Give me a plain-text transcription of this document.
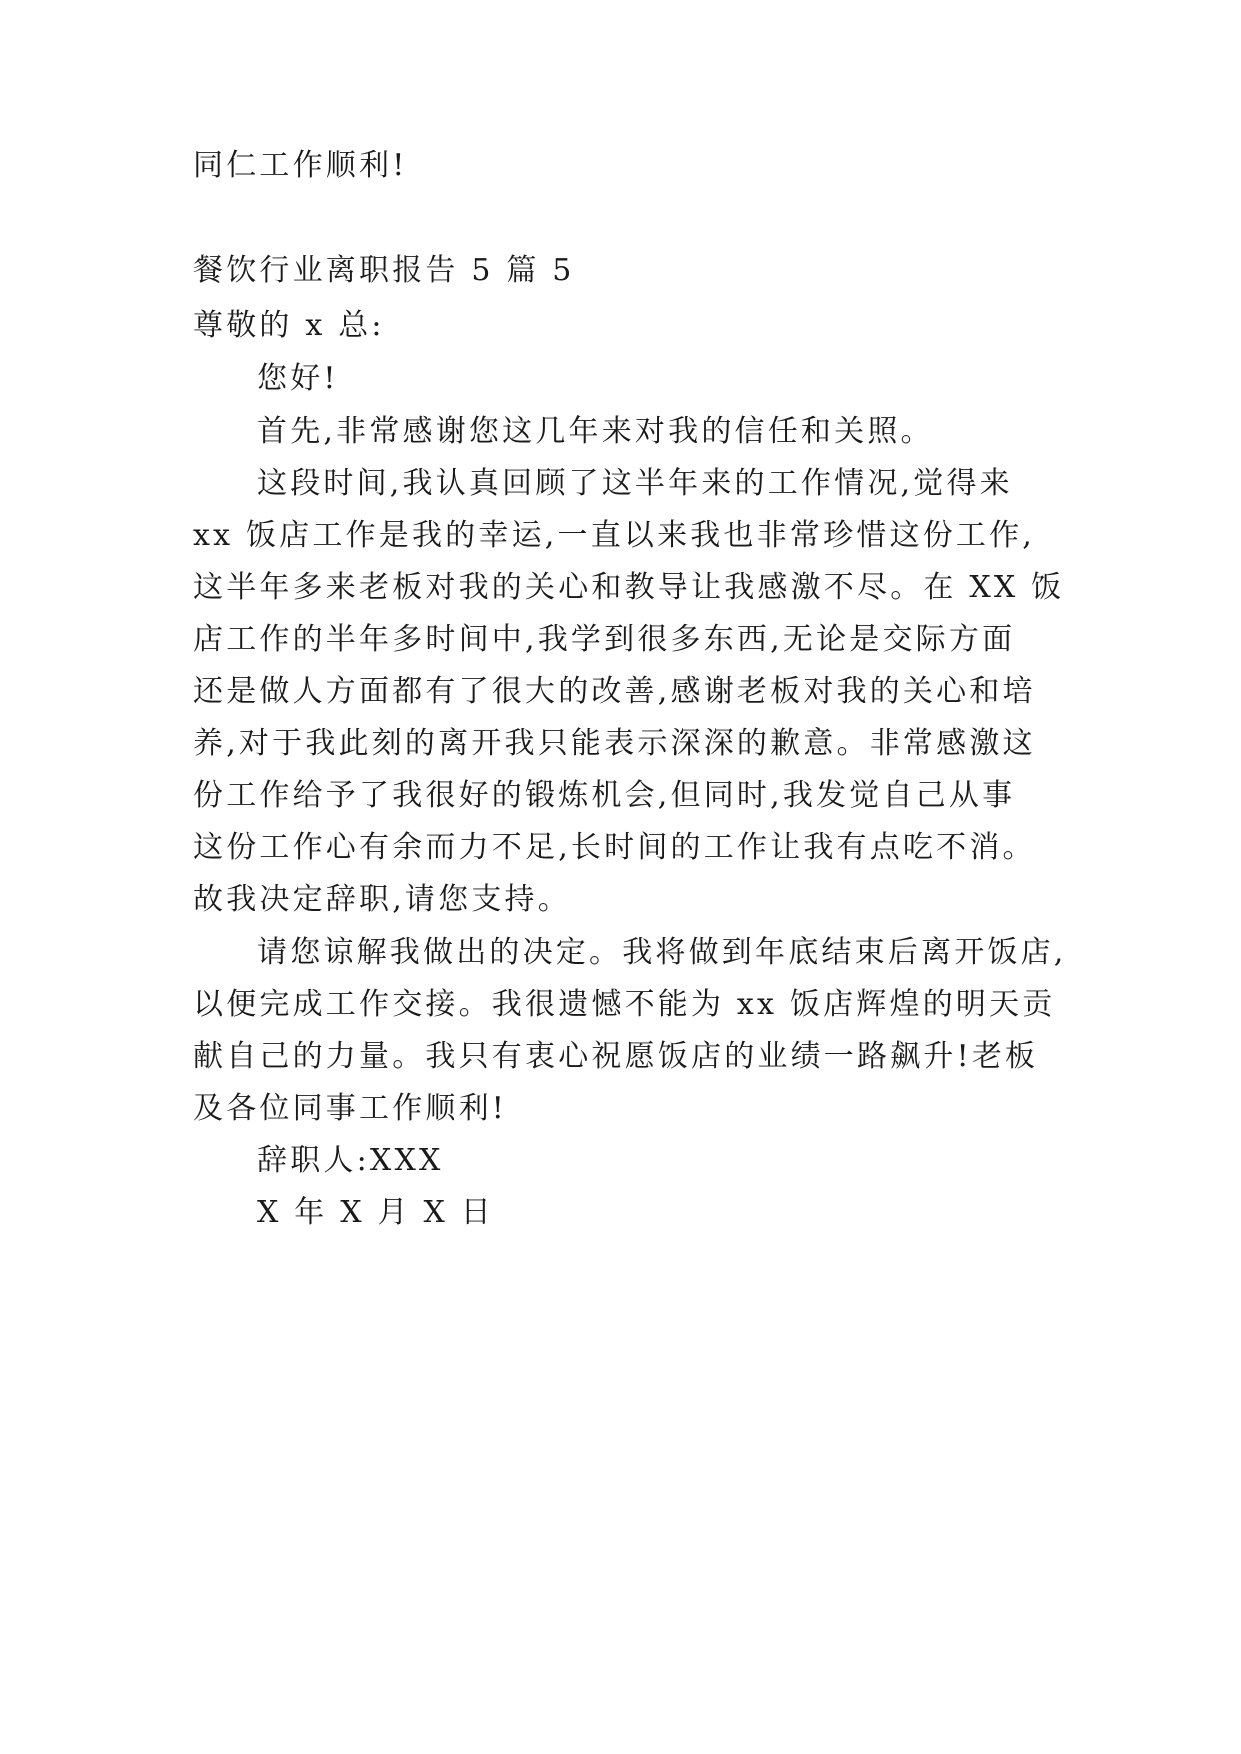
同仁工作顺利!
餐饮行业离职报告 5 篇 5
尊敬的 x 总:
您好!
首先,非常感谢您这几年来对我的信任和关照。
这段时间,我认真回顾了这半年来的工作情况,觉得来
xx 饭店工作是我的幸运,一直以来我也非常珍惜这份工作,
这半年多来老板对我的关心和教导让我感激不尽。在 XX 饭
店工作的半年多时间中,我学到很多东西,无论是交际方面
还是做人方面都有了很大的改善,感谢老板对我的关心和培
养,对于我此刻的离开我只能表示深深的歉意。非常感激这
份工作给予了我很好的锻炼机会,但同时,我发觉自己从事
这份工作心有余而力不足,长时间的工作让我有点吃不消。
故我决定辞职,请您支持。
请您谅解我做出的决定。我将做到年底结束后离开饭店,
以便完成工作交接。我很遗憾不能为 xx 饭店辉煌的明天贡
献自己的力量。我只有衷心祝愿饭店的业绩一路飙升!老板
及各位同事工作顺利!
辞职人:XXX
X 年 X 月 X 日
